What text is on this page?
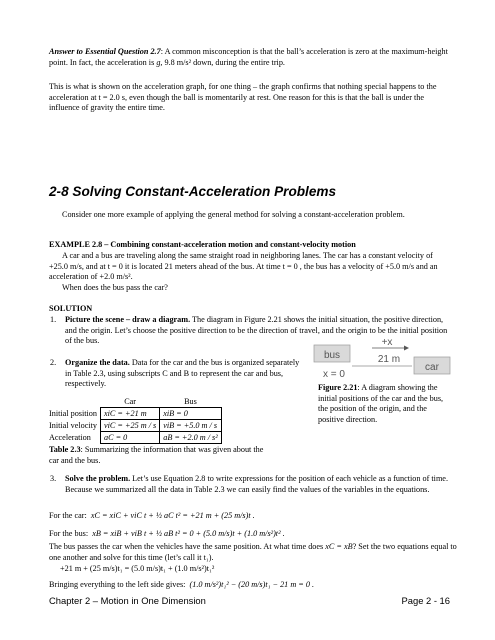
Answer to Essential Question 2.7: A common misconception is that the ball’s acceleration is zero at the maximum-height point. In fact, the acceleration is g, 9.8 m/s² down, during the entire trip.

This is what is shown on the acceleration graph, for one thing – the graph confirms that nothing special happens to the acceleration at t = 2.0 s, even though the ball is momentarily at rest. One reason for this is that the ball is under the influence of gravity the entire time.

2-8 Solving Constant-Acceleration Problems

Consider one more example of applying the general method for solving a constant-acceleration problem.

EXAMPLE 2.8 – Combining constant-acceleration motion and constant-velocity motion

A car and a bus are traveling along the same straight road in neighboring lanes. The car has a constant velocity of +25.0 m/s, and at t = 0 it is located 21 meters ahead of the bus. At time t = 0 , the bus has a velocity of +5.0 m/s and an acceleration of +2.0 m/s².

When does the bus pass the car?

SOLUTION

1. Picture the scene – draw a diagram. The diagram in Figure 2.21 shows the initial situation, the positive direction, and the origin. Let’s choose the positive direction to be the direction of travel, and the origin to be the initial position of the bus.
2. Organize the data. Data for the car and the bus is organized separately in Table 2.3, using subscripts C and B to represent the car and bus, respectively.
	Car	Bus
Initial position	xiC = +21 m	xiB = 0
Initial velocity	viC = +25 m / s	viB = +5.0 m / s
Acceleration	aC = 0	aB = +2.0 m / s²

Table 2.3: Summarizing the information that was given about the car and the bus.

bus
+x
21 m
car
x = 0

Figure 2.21: A diagram showing the initial positions of the car and the bus, the position of the origin, and the positive direction.

3. Solve the problem. Let’s use Equation 2.8 to write expressions for the position of each vehicle as a function of time. Because we summarized all the data in Table 2.3 we can easily find the values of the variables in the equations.
For the car: xC = xiC + viC t + ½ aC t² = +21 m + (25 m/s)t .
For the bus: xB = xiB + viB t + ½ aB t² = 0 + (5.0 m/s)t + (1.0 m/s²)t² .

The bus passes the car when the vehicles have the same position. At what time does xC = xB? Set the two equations equal to one another and solve for this time (let’s call it t₁).

+21 m + (25 m/s)t₁ = (5.0 m/s)t₁ + (1.0 m/s²)t₁²
Bringing everything to the left side gives: (1.0 m/s²)t₁² − (20 m/s)t₁ − 21 m = 0 .
Chapter 2 – Motion in One Dimension	Page 2 - 16
